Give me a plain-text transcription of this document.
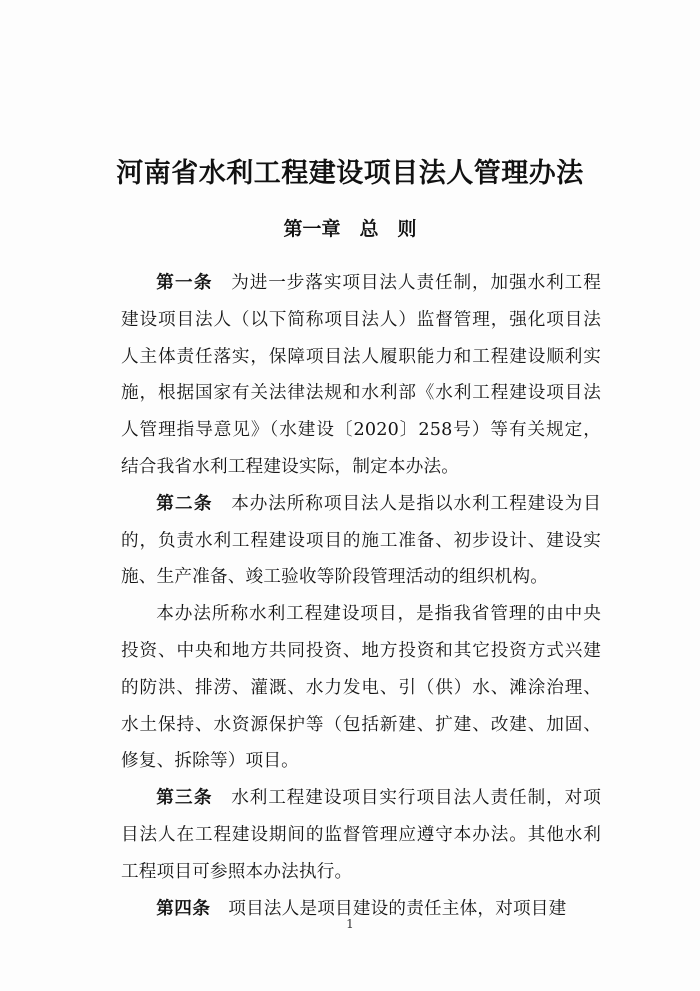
河南省水利工程建设项目法人管理办法
第一章　总　则

第一条　 为进一步落实项目法人责任制，加强水利工程建设项目法人（以下简称项目法人）监督管理，强化项目法人主体责任落实，保障项目法人履职能力和工程建设顺利实施，根据国家有关法律法规和水利部《水利工程建设项目法人管理指导意见》（水建设〔2020〕258号）等有关规定，结合我省水利工程建设实际，制定本办法。

第二条　 本办法所称项目法人是指以水利工程建设为目的，负责水利工程建设项目的施工准备、初步设计、建设实施、生产准备、竣工验收等阶段管理活动的组织机构。

本办法所称水利工程建设项目，是指我省管理的由中央投资、中央和地方共同投资、地方投资和其它投资方式兴建的防洪、排涝、灌溉、水力发电、引（供）水、滩涂治理、水土保持、水资源保护等（包括新建、扩建、改建、加固、修复、拆除等）项目。

第三条　 水利工程建设项目实行项目法人责任制，对项目法人在工程建设期间的监督管理应遵守本办法。其他水利工程项目可参照本办法执行。

第四条　 项目法人是项目建设的责任主体，对项目建

1
